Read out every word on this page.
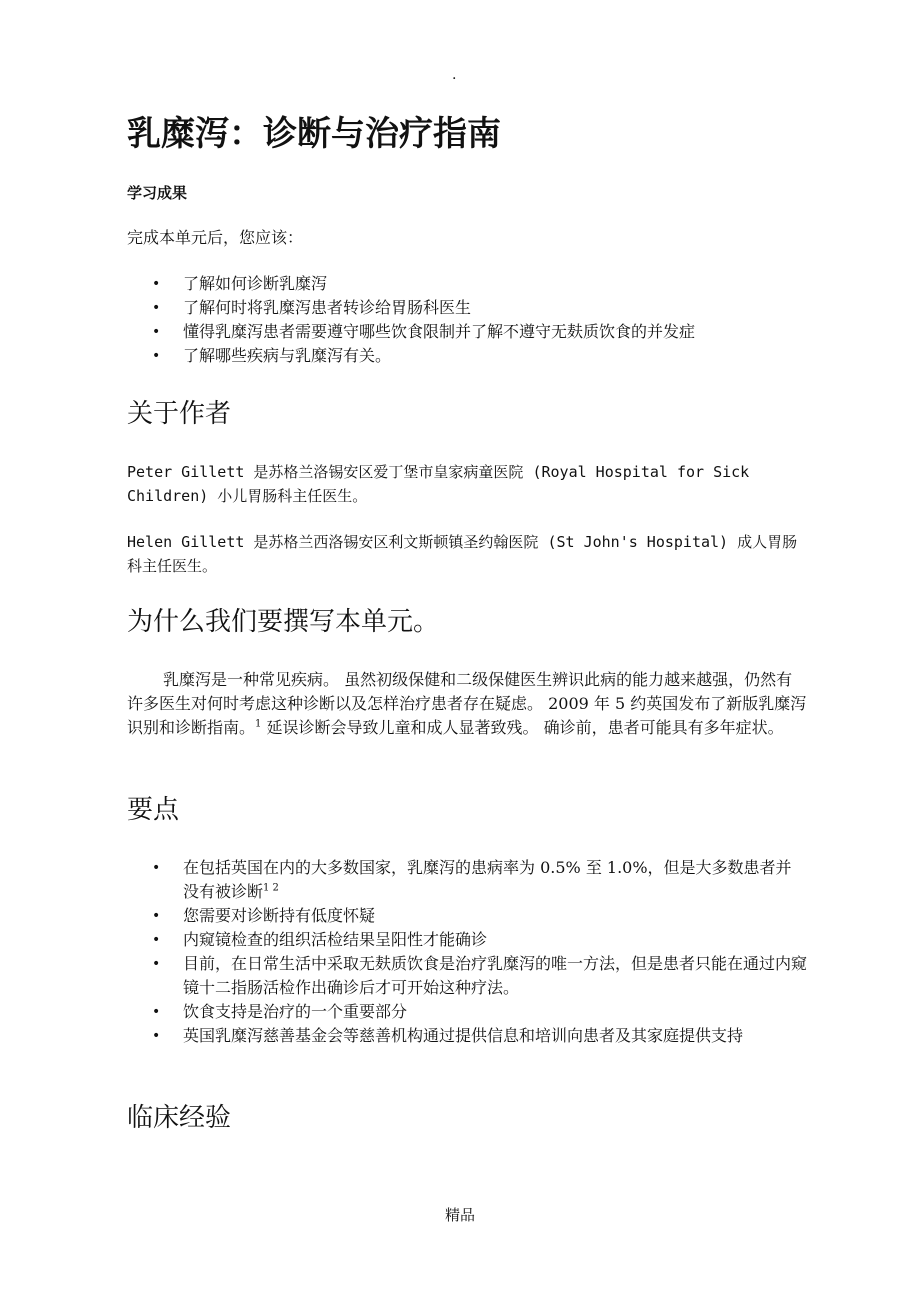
.
乳糜泻：诊断与治疗指南
学习成果

完成本单元后，您应该：

• 了解如何诊断乳糜泻
• 了解何时将乳糜泻患者转诊给胃肠科医生
• 懂得乳糜泻患者需要遵守哪些饮食限制并了解不遵守无麸质饮食的并发症
• 了解哪些疾病与乳糜泻有关。
关于作者

Peter Gillett 是苏格兰洛锡安区爱丁堡市皇家病童医院 (Royal Hospital for Sick Children) 小儿胃肠科主任医生。

Helen Gillett 是苏格兰西洛锡安区利文斯顿镇圣约翰医院 (St John's Hospital) 成人胃肠科主任医生。

为什么我们要撰写本单元。

乳糜泻是一种常见疾病。 虽然初级保健和二级保健医生辨识此病的能力越来越强，仍然有许多医生对何时考虑这种诊断以及怎样治疗患者存在疑虑。 2009 年 5 约英国发布了新版乳糜泻识别和诊断指南。$^1$ 延误诊断会导致儿童和成人显著致残。 确诊前，患者可能具有多年症状。

要点
• 在包括英国在内的大多数国家，乳糜泻的患病率为 0.5% 至 1.0%，但是大多数患者并没有被诊断$^{1 2}$
• 您需要对诊断持有低度怀疑
• 内窥镜检查的组织活检结果呈阳性才能确诊
• 目前，在日常生活中采取无麸质饮食是治疗乳糜泻的唯一方法，但是患者只能在通过内窥镜十二指肠活检作出确诊后才可开始这种疗法。
• 饮食支持是治疗的一个重要部分
• 英国乳糜泻慈善基金会等慈善机构通过提供信息和培训向患者及其家庭提供支持
临床经验
精品
